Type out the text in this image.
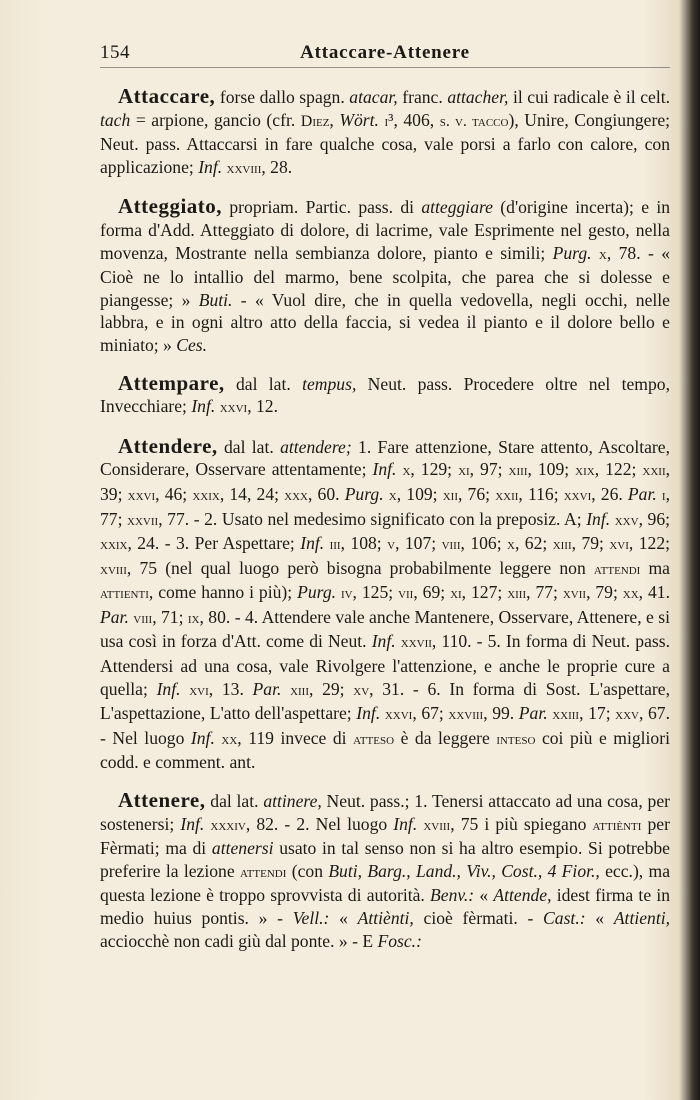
154	Attaccare-Attenere

Attaccare, forse dallo spagn. atacar, franc. attacher, il cui radicale è il celt. tach = arpione, gancio (cfr. Diez, Wört. i³, 406, s. v. tacco), Unire, Congiungere; Neut. pass. Attaccarsi in fare qualche cosa, vale porsi a farlo con calore, con applicazione; Inf. xxviii, 28.

Atteggiato, propriam. Partic. pass. di atteggiare (d'origine incerta); e in forma d'Add. Atteggiato di dolore, di lacrime, vale Esprimente nel gesto, nella movenza, Mostrante nella sembianza dolore, pianto e simili; Purg. x, 78. - « Cioè ne lo intallio del marmo, bene scolpita, che parea che si dolesse e piangesse; » Buti. - « Vuol dire, che in quella vedovella, negli occhi, nelle labbra, e in ogni altro atto della faccia, si vedea il pianto e il dolore bello e miniato; » Ces.

Attempare, dal lat. tempus, Neut. pass. Procedere oltre nel tempo, Invecchiare; Inf. xxvi, 12.

Attendere, dal lat. attendere; 1. Fare attenzione, Stare attento, Ascoltare, Considerare, Osservare attentamente; Inf. x, 129; xi, 97; xiii, 109; xix, 122; xxii, 39; xxvi, 46; xxix, 14, 24; xxx, 60. Purg. x, 109; xii, 76; xxii, 116; xxvi, 26. Par. i, 77; xxvii, 77. - 2. Usato nel medesimo significato con la preposiz. A; Inf. xxv, 96; xxix, 24. - 3. Per Aspettare; Inf. iii, 108; v, 107; viii, 106; x, 62; xiii, 79; xvi, 122; xviii, 75 (nel qual luogo però bisogna probabilmente leggere non attendi ma attienti, come hanno i più); Purg. iv, 125; vii, 69; xi, 127; xiii, 77; xvii, 79; xx, 41. Par. viii, 71; ix, 80. - 4. Attendere vale anche Mantenere, Osservare, Attenere, e si usa così in forza d'Att. come di Neut. Inf. xxvii, 110. - 5. In forma di Neut. pass. Attendersi ad una cosa, vale Rivolgere l'attenzione, e anche le proprie cure a quella; Inf. xvi, 13. Par. xiii, 29; xv, 31. - 6. In forma di Sost. L'aspettare, L'aspettazione, L'atto dell'aspettare; Inf. xxvi, 67; xxviii, 99. Par. xxiii, 17; xxv, 67. - Nel luogo Inf. xx, 119 invece di atteso è da leggere inteso coi più e migliori codd. e comment. ant.

Attenere, dal lat. attinere, Neut. pass.; 1. Tenersi attaccato ad una cosa, per sostenersi; Inf. xxxiv, 82. - 2. Nel luogo Inf. xviii, 75 i più spiegano attiènti per Fèrmati; ma di attenersi usato in tal senso non si ha altro esempio. Si potrebbe preferire la lezione attendi (con Buti, Barg., Land., Viv., Cost., 4 Fior., ecc.), ma questa lezione è troppo sprovvista di autorità. Benv.: « Attende, idest firma te in medio huius pontis. » - Vell.: « Attiènti, cioè fèrmati. - Cast.: « Attienti, acciocchè non cadi giù dal ponte. » - E Fosc.:
